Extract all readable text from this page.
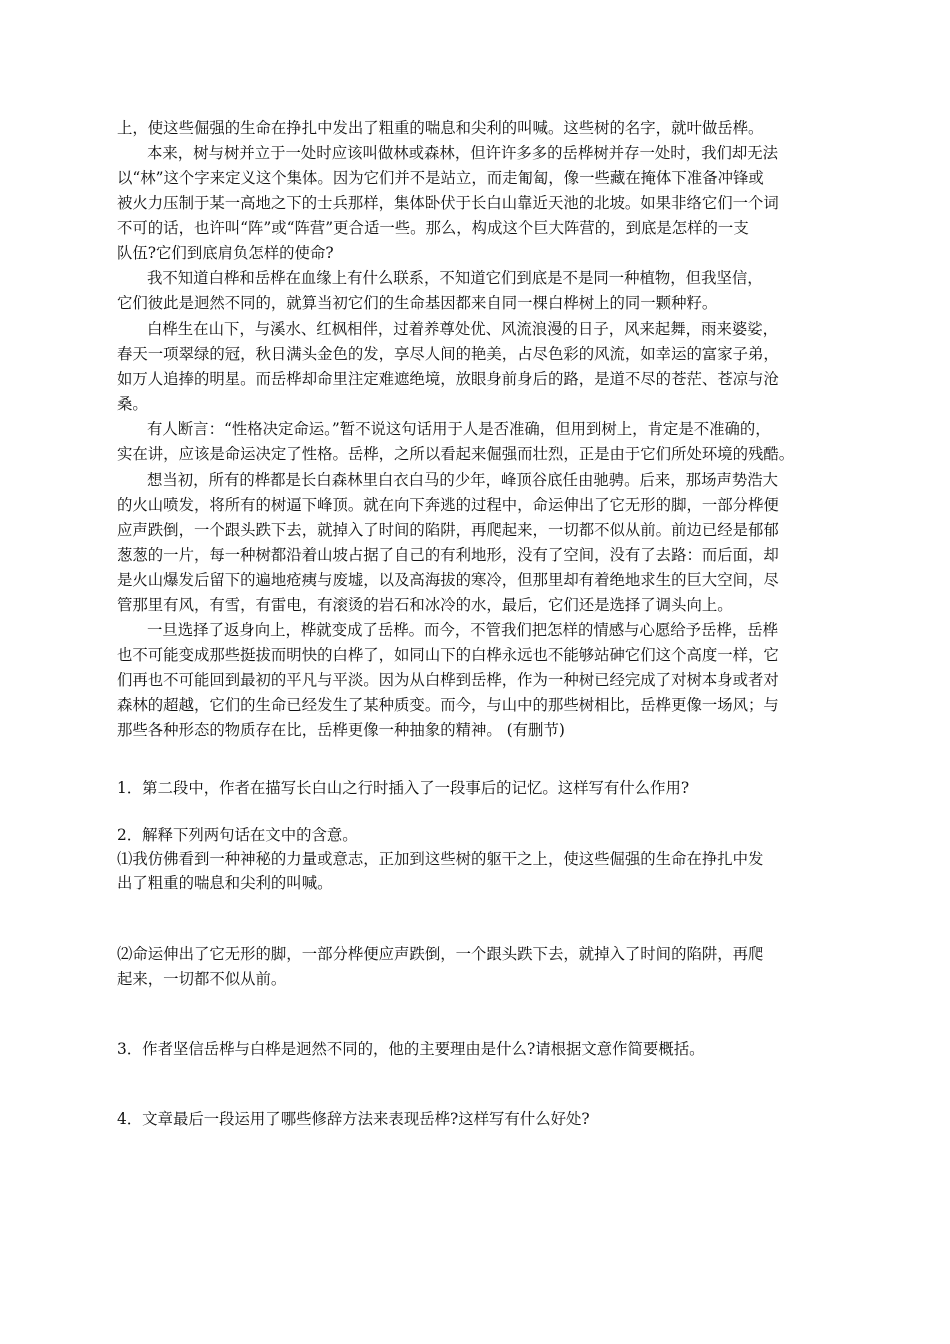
上，使这些倔强的生命在挣扎中发出了粗重的喘息和尖利的叫喊。这些树的名字，就叶做岳桦。
本来，树与树并立于一处时应该叫做林或森林，但许许多多的岳桦树并存一处时，我们却无法
以“林”这个字来定义这个集体。因为它们并不是站立，而走匍匐，像一些藏在掩体下准备冲锋或
被火力压制于某一高地之下的士兵那样，集体卧伏于长白山靠近天池的北坡。如果非络它们一个词
不可的话，也许叫“阵”或“阵营”更合适一些。那么，构成这个巨大阵营的，到底是怎样的一支
队伍?它们到底肩负怎样的使命?
我不知道白桦和岳桦在血缘上有什么联系，不知道它们到底是不是同一种植物，但我坚信，
它们彼此是迥然不同的，就算当初它们的生命基因都来自同一棵白桦树上的同一颗种籽。
白桦生在山下，与溪水、红枫相伴，过着养尊处优、风流浪漫的日子，风来起舞，雨来婆娑，
春天一项翠绿的冠，秋日满头金色的发，享尽人间的艳美，占尽色彩的风流，如幸运的富家子弟，
如万人追捧的明星。而岳桦却命里注定难遮绝境，放眼身前身后的路，是道不尽的苍茫、苍凉与沧
桑。
有人断言：“性格决定命运。”暂不说这句话用于人是否准确，但用到树上，肯定是不准确的，
实在讲，应该是命运决定了性格。岳桦，之所以看起来倔强而壮烈，正是由于它们所处环境的残酷。
想当初，所有的桦都是长白森林里白衣白马的少年，峰顶谷底任由驰骋。后来，那场声势浩大
的火山喷发，将所有的树逼下峰顶。就在向下奔逃的过程中，命运伸出了它无形的脚，一部分桦便
应声跌倒，一个跟头跌下去，就掉入了时间的陷阱，再爬起来，一切都不似从前。前边已经是郁郁
葱葱的一片，每一种树都沿着山坡占据了自己的有利地形，没有了空间，没有了去路：而后面，却
是火山爆发后留下的遍地疮痍与废墟，以及高海拔的寒冷，但那里却有着绝地求生的巨大空间，尽
管那里有风，有雪，有雷电，有滚烫的岩石和冰冷的水，最后，它们还是选择了调头向上。
一旦选择了返身向上，桦就变成了岳桦。而今，不管我们把怎样的情感与心愿给予岳桦，岳桦
也不可能变成那些挺拔而明快的白桦了，如同山下的白桦永远也不能够站砷它们这个高度一样，它
们再也不可能回到最初的平凡与平淡。因为从白桦到岳桦，作为一种树已经完成了对树本身或者对
森林的超越，它们的生命已经发生了某种质变。而今，与山中的那些树相比，岳桦更像一场风；与
那些各种形态的物质存在比，岳桦更像一种抽象的精神。 (有删节)
1．第二段中，作者在描写长白山之行时插入了一段事后的记忆。这样写有什么作用?
2．解释下列两句话在文中的含意。
⑴我仿佛看到一种神秘的力量或意志，正加到这些树的躯干之上，使这些倔强的生命在挣扎中发
出了粗重的喘息和尖利的叫喊。
⑵命运伸出了它无形的脚，一部分桦便应声跌倒，一个跟头跌下去，就掉入了时间的陷阱，再爬
起来，一切都不似从前。
3．作者坚信岳桦与白桦是迥然不同的，他的主要理由是什么?请根据文意作简要概括。
4．文章最后一段运用了哪些修辞方法来表现岳桦?这样写有什么好处?
